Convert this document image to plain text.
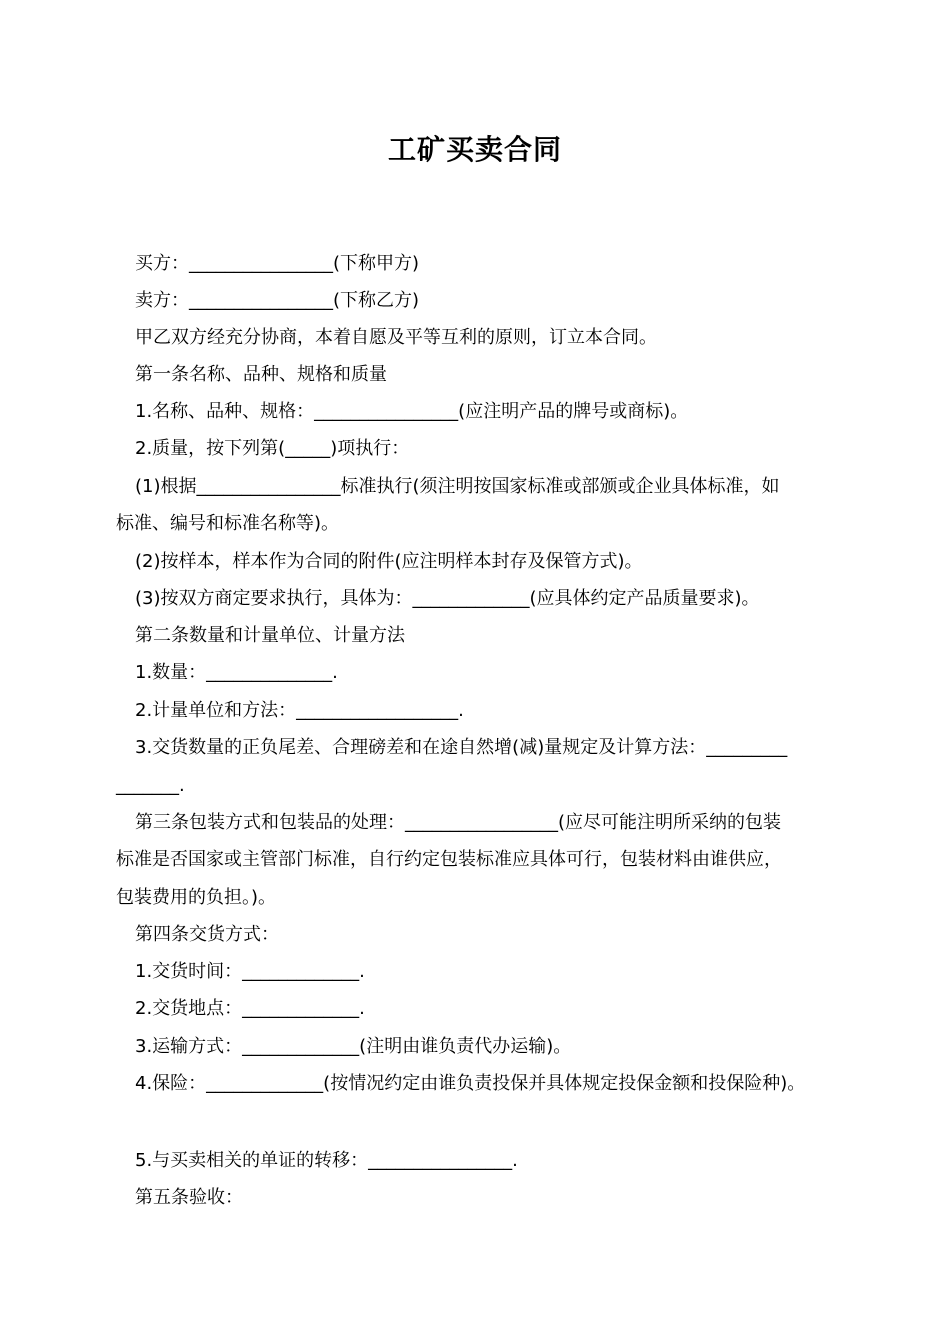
工矿买卖合同
买方：________________(下称甲方)
卖方：________________(下称乙方)
甲乙双方经充分协商，本着自愿及平等互利的原则，订立本合同。
第一条名称、品种、规格和质量
1.名称、品种、规格：________________(应注明产品的牌号或商标)。
2.质量，按下列第(_____)项执行：
(1)根据________________标准执行(须注明按国家标准或部颁或企业具体标准，如
标准、编号和标准名称等)。
(2)按样本，样本作为合同的附件(应注明样本封存及保管方式)。
(3)按双方商定要求执行，具体为：_____________(应具体约定产品质量要求)。
第二条数量和计量单位、计量方法
1.数量：______________.
2.计量单位和方法：__________________.
3.交货数量的正负尾差、合理磅差和在途自然增(减)量规定及计算方法：_________
_______.
第三条包装方式和包装品的处理：_________________(应尽可能注明所采纳的包装
标准是否国家或主管部门标准，自行约定包装标准应具体可行，包装材料由谁供应，
包装费用的负担。)。
第四条交货方式：
1.交货时间：_____________.
2.交货地点：_____________.
3.运输方式：_____________(注明由谁负责代办运输)。
4.保险：_____________(按情况约定由谁负责投保并具体规定投保金额和投保险种)。
5.与买卖相关的单证的转移：________________.
第五条验收：
